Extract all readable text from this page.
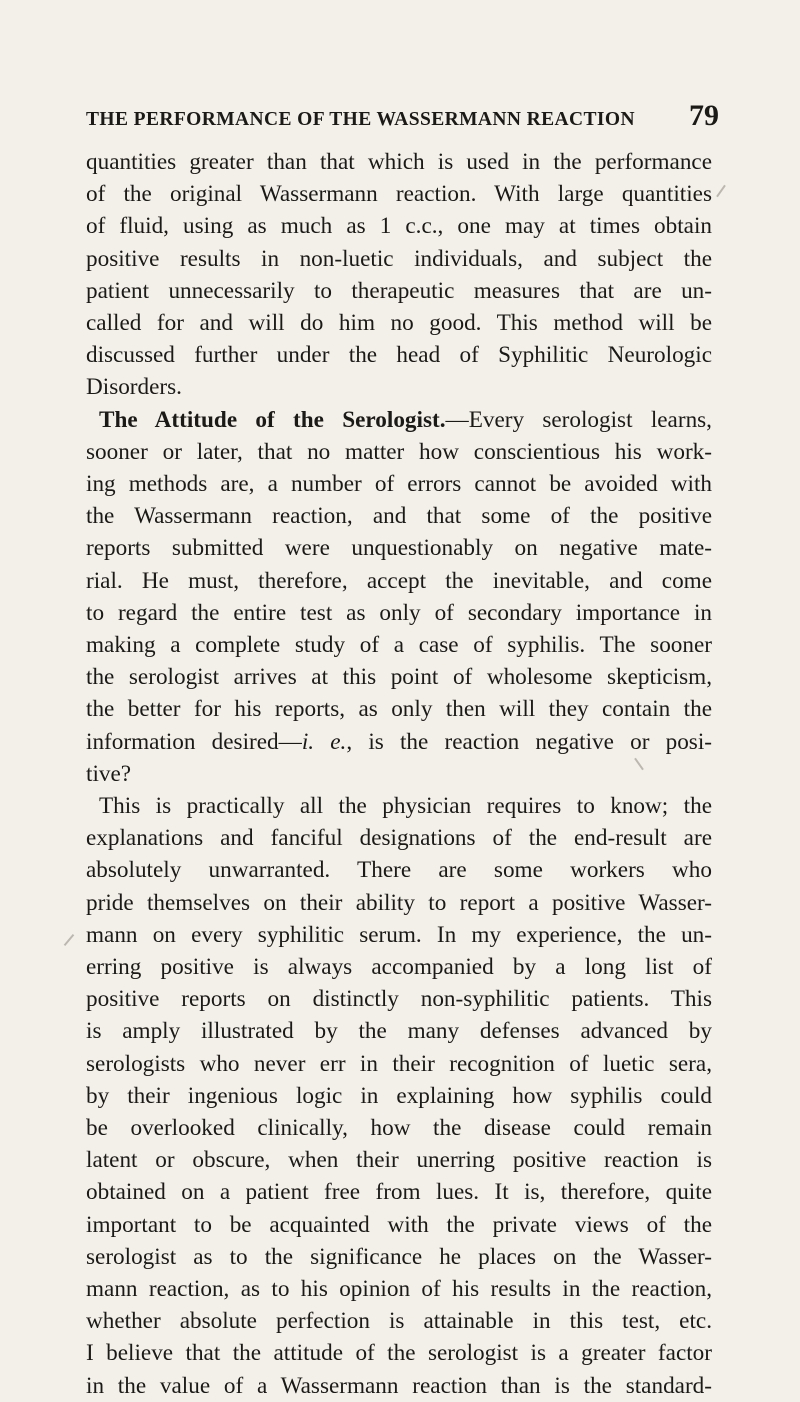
THE PERFORMANCE OF THE WASSERMANN REACTION 79
quantities greater than that which is used in the performance
of the original Wassermann reaction. With large quantities
of fluid, using as much as 1 c.c., one may at times obtain
positive results in non-luetic individuals, and subject the
patient unnecessarily to therapeutic measures that are un-
called for and will do him no good. This method will be
discussed further under the head of Syphilitic Neurologic
Disorders.
The Attitude of the Serologist.—Every serologist learns,
sooner or later, that no matter how conscientious his work-
ing methods are, a number of errors cannot be avoided with
the Wassermann reaction, and that some of the positive
reports submitted were unquestionably on negative mate-
rial. He must, therefore, accept the inevitable, and come
to regard the entire test as only of secondary importance in
making a complete study of a case of syphilis. The sooner
the serologist arrives at this point of wholesome skepticism,
the better for his reports, as only then will they contain the
information desired—i. e., is the reaction negative or posi-
tive?
This is practically all the physician requires to know; the
explanations and fanciful designations of the end-result are
absolutely unwarranted. There are some workers who
pride themselves on their ability to report a positive Wasser-
mann on every syphilitic serum. In my experience, the un-
erring positive is always accompanied by a long list of
positive reports on distinctly non-syphilitic patients. This
is amply illustrated by the many defenses advanced by
serologists who never err in their recognition of luetic sera,
by their ingenious logic in explaining how syphilis could
be overlooked clinically, how the disease could remain
latent or obscure, when their unerring positive reaction is
obtained on a patient free from lues. It is, therefore, quite
important to be acquainted with the private views of the
serologist as to the significance he places on the Wasser-
mann reaction, as to his opinion of his results in the reaction,
whether absolute perfection is attainable in this test, etc.
I believe that the attitude of the serologist is a greater factor
in the value of a Wassermann reaction than is the standard-
